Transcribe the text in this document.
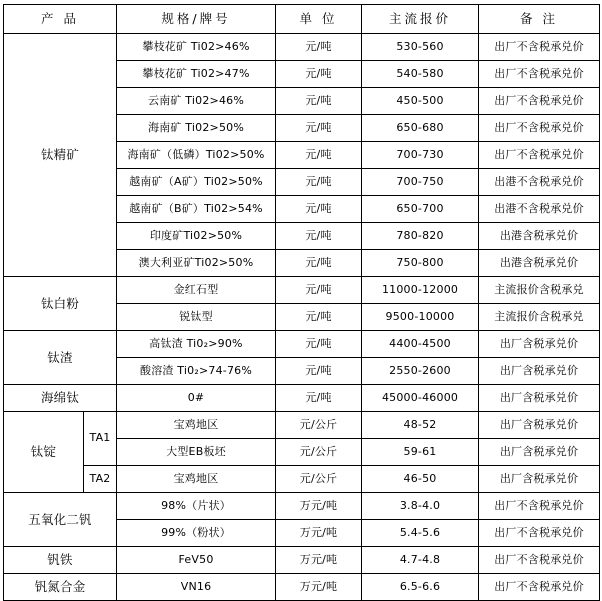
产 品		规格/牌号	单 位	主流报价	备 注
钛精矿		攀枝花矿 Ti02>46%	元/吨	530-560	出厂不含税承兑价
		攀枝花矿 Ti02>47%	元/吨	540-580	出厂不含税承兑价
		云南矿 Ti02>46%	元/吨	450-500	出厂不含税承兑价
		海南矿 Ti02>50%	元/吨	650-680	出厂不含税承兑价
		海南矿（低磷）Ti02>50%	元/吨	700-730	出厂不含税承兑价
		越南矿（A矿）Ti02>50%	元/吨	700-750	出港不含税承兑价
		越南矿（B矿）Ti02>54%	元/吨	650-700	出港不含税承兑价
		印度矿Ti02>50%	元/吨	780-820	出港含税承兑价
		澳大利亚矿Ti02>50%	元/吨	750-800	出港含税承兑价
钛白粉		金红石型	元/吨	11000-12000	主流报价含税承兑
		锐钛型	元/吨	9500-10000	主流报价含税承兑
钛渣		高钛渣 Ti0₂>90%	元/吨	4400-4500	出厂含税承兑价
		酸溶渣 Ti0₂>74-76%	元/吨	2550-2600	出厂含税承兑价
海绵钛		0#	元/吨	45000-46000	出厂含税承兑价
钛锭	TA1	宝鸡地区	元/公斤	48-52	出厂含税承兑价
		大型EB板坯	元/公斤	59-61	出厂含税承兑价
	TA2	宝鸡地区	元/公斤	46-50	出厂含税承兑价
五氧化二钒		98%（片状）	万元/吨	3.8-4.0	出厂不含税承兑价
		99%（粉状）	万元/吨	5.4-5.6	出厂不含税承兑价
钒铁		FeV50	万元/吨	4.7-4.8	出厂不含税承兑价
钒氮合金		VN16	万元/吨	6.5-6.6	出厂不含税承兑价
